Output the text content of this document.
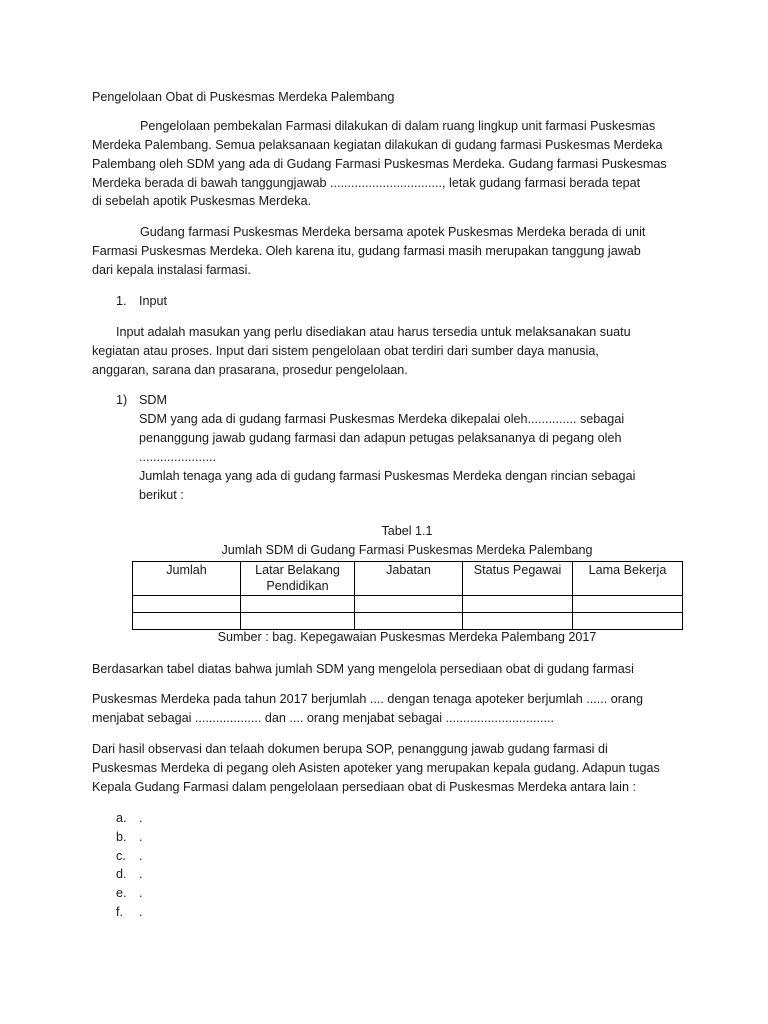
Pengelolaan Obat di Puskesmas Merdeka Palembang
Pengelolaan pembekalan Farmasi dilakukan di dalam ruang lingkup unit farmasi Puskesmas
Merdeka Palembang. Semua pelaksanaan kegiatan dilakukan di gudang farmasi Puskesmas Merdeka
Palembang oleh SDM yang ada di Gudang Farmasi Puskesmas Merdeka. Gudang farmasi Puskesmas
Merdeka berada di bawah tanggungjawab ................................, letak gudang farmasi berada tepat
di sebelah apotik Puskesmas Merdeka.
Gudang farmasi Puskesmas Merdeka bersama apotek Puskesmas Merdeka berada di unit
Farmasi Puskesmas Merdeka. Oleh karena itu, gudang farmasi masih merupakan tanggung jawab
dari kepala instalasi farmasi.
1. Input
Input adalah masukan yang perlu disediakan atau harus tersedia untuk melaksanakan suatu
kegiatan atau proses. Input dari sistem pengelolaan obat terdiri dari sumber daya manusia,
anggaran, sarana dan prasarana, prosedur pengelolaan.
1) SDM
SDM yang ada di gudang farmasi Puskesmas Merdeka dikepalai oleh.............. sebagai
penanggung jawab gudang farmasi dan adapun petugas pelaksananya di pegang oleh
......................
Jumlah tenaga yang ada di gudang farmasi Puskesmas Merdeka dengan rincian sebagai
berikut :
Tabel 1.1
Jumlah SDM di Gudang Farmasi Puskesmas Merdeka Palembang
Jumlah	Latar Belakang Pendidikan	Jabatan	Status Pegawai	Lama Bekerja

Sumber : bag. Kepegawaian Puskesmas Merdeka Palembang 2017
Berdasarkan tabel diatas bahwa jumlah SDM yang mengelola persediaan obat di gudang farmasi
Puskesmas Merdeka pada tahun 2017 berjumlah .... dengan tenaga apoteker berjumlah ...... orang
menjabat sebagai ................... dan .... orang menjabat sebagai ...............................
Dari hasil observasi dan telaah dokumen berupa SOP, penanggung jawab gudang farmasi di
Puskesmas Merdeka di pegang oleh Asisten apoteker yang merupakan kepala gudang. Adapun tugas
Kepala Gudang Farmasi dalam pengelolaan persediaan obat di Puskesmas Merdeka antara lain :
a. .
b. .
c. .
d. .
e. .
f. .
